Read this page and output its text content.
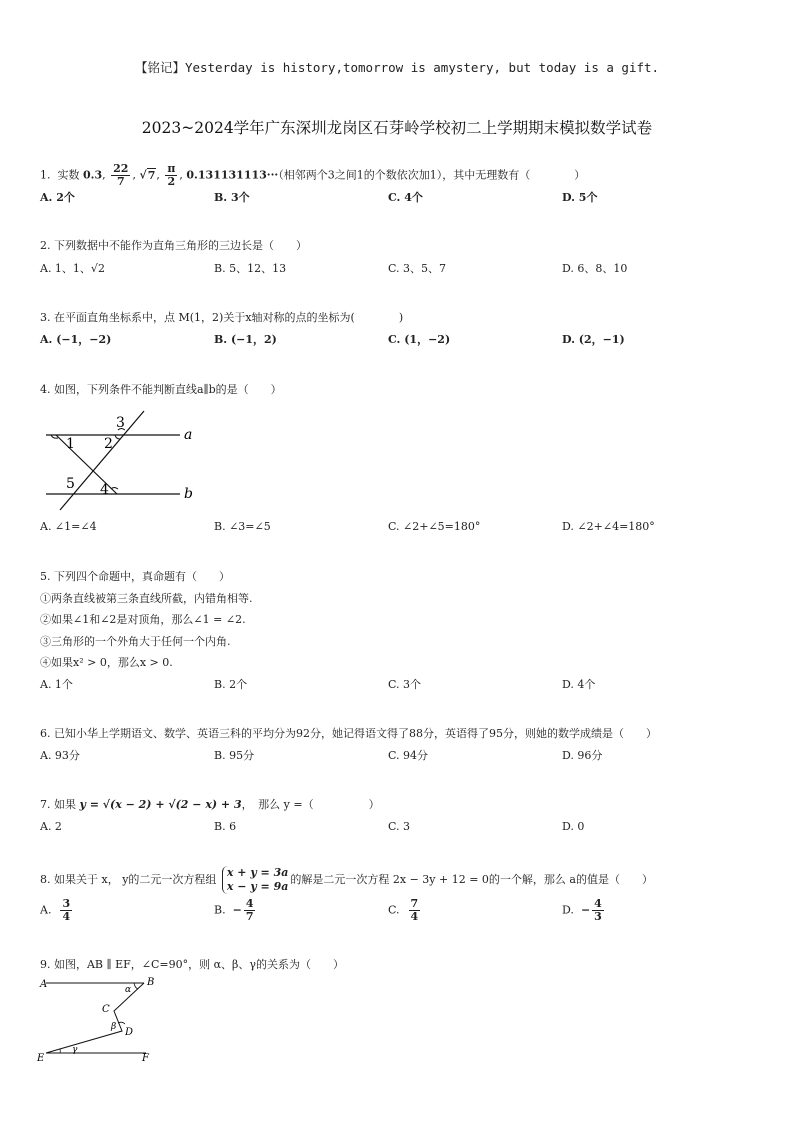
【铭记】Yesterday is history,tomorrow is amystery, but today is a gift.
2023~2024学年广东深圳龙岗区石芽岭学校初二上学期期末模拟数学试卷
1. 实数 0.3, $\frac{22}{7}$ , √7, $\frac{\pi}{2}$ , 0.131131113···（相邻两个3之间1的个数依次加1），其中无理数有（　　　　）
A. 2个	B. 3个	C. 4个	D. 5个
2. 下列数据中不能作为直角三角形的三边长是（　　）
A. 1、1、√2	B. 5、12、13	C. 3、5、7	D. 6、8、10
3. 在平面直角坐标系中，点 M(1，2)关于x轴对称的点的坐标为(　　　　)
A. (−1，−2)	B. (−1，2)	C. (1，−2)	D. (2，−1)
4. 如图，下列条件不能判断直线a∥b的是（　　）
1 2
3
4
5
a
b
A. ∠1=∠4	B. ∠3=∠5	C. ∠2+∠5=180°	D. ∠2+∠4=180°
5. 下列四个命题中，真命题有（　　）
①两条直线被第三条直线所截，内错角相等.
②如果∠1和∠2是对顶角，那么∠1 = ∠2.
③三角形的一个外角大于任何一个内角.
④如果x² > 0，那么x > 0.
A. 1个	B. 2个	C. 3个	D. 4个
6. 已知小华上学期语文、数学、英语三科的平均分为92分，她记得语文得了88分，英语得了95分，则她的数学成绩是（　　）
A. 93分	B. 95分	C. 94分	D. 96分
7. 如果 y = √(x − 2) + √(2 − x) + 3，　那么 y =（　　　　　）
A. 2	B. 6	C. 3	D. 0
8. 如果关于 x， y的二元一次方程组
x + y = 3a
x − y = 9a
的解是二元一次方程 2x − 3y + 12 = 0的一个解，那么 a的值是（　　）
A. $\frac{3}{4}$	B. − $\frac{4}{7}$	C. $\frac{7}{4}$	D. − $\frac{4}{3}$
9. 如图，AB ∥ EF，∠C=90°，则 α、β、γ的关系为（　　）
A	B
C
D
E	F
α
β
γ
